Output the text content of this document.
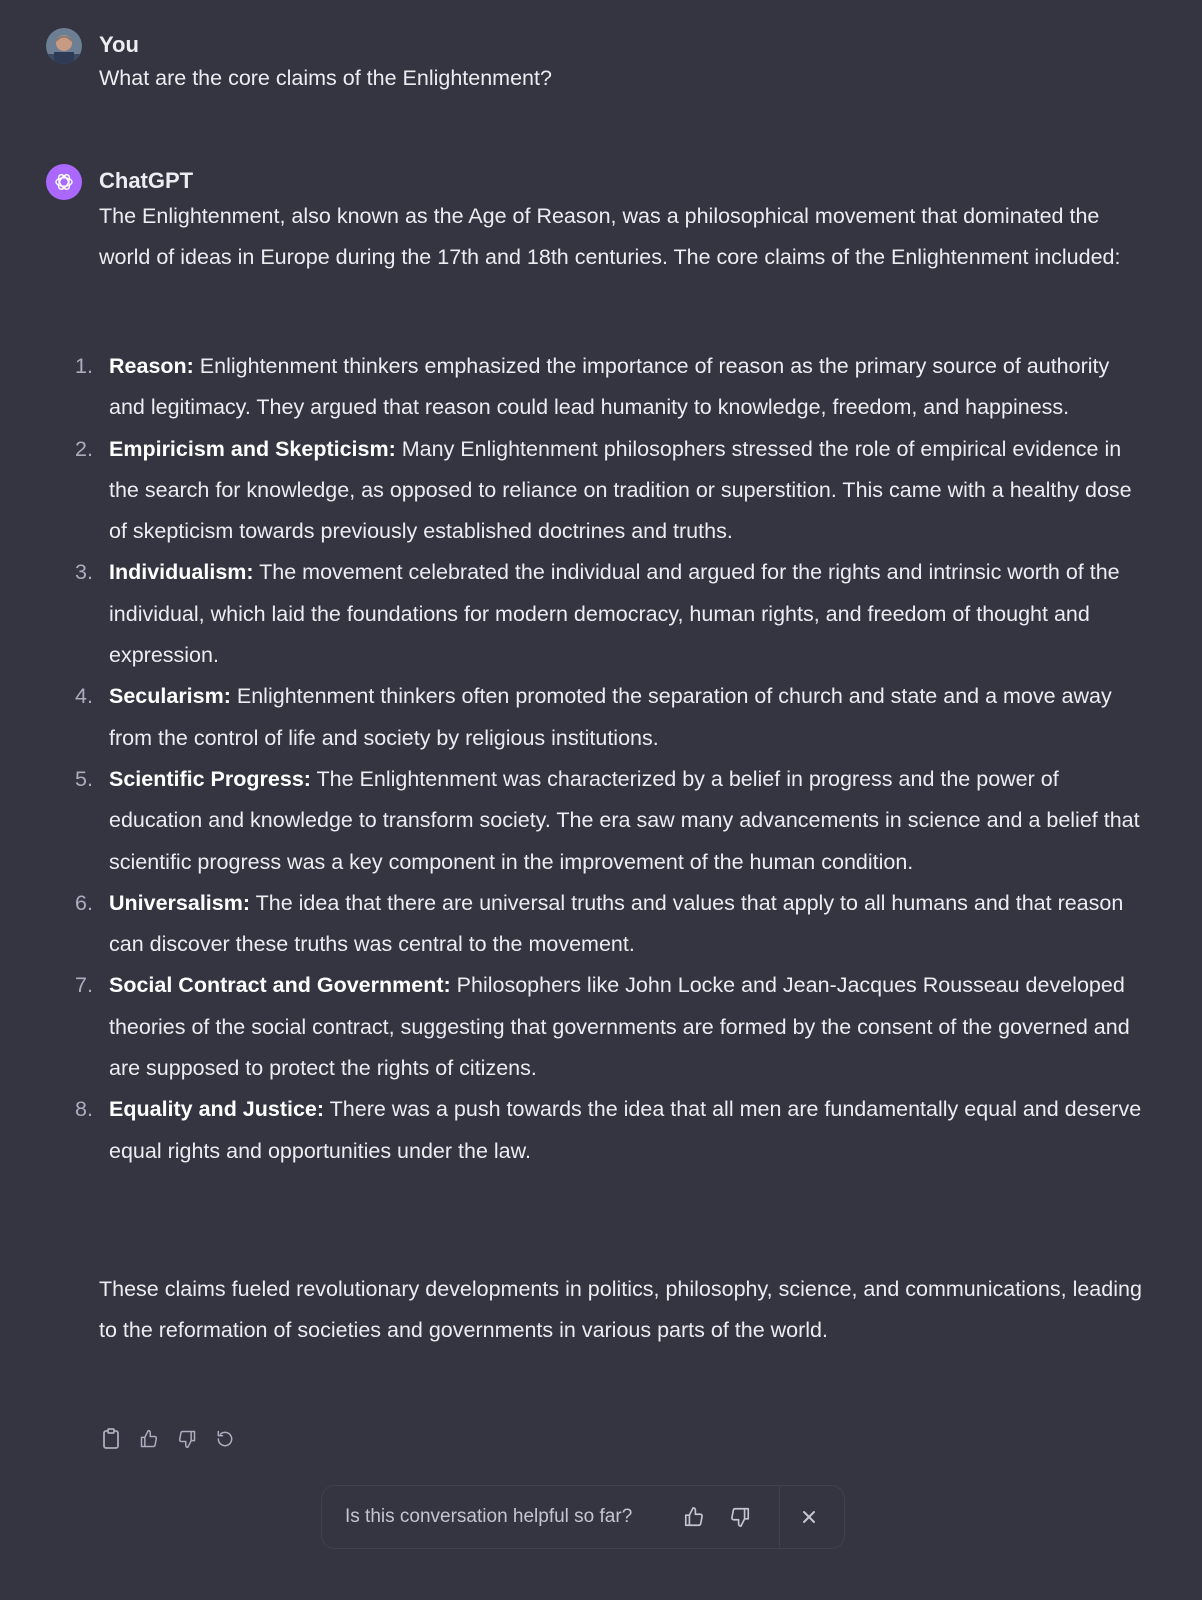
You
What are the core claims of the Enlightenment?
ChatGPT
The Enlightenment, also known as the Age of Reason, was a philosophical movement that dominated the world of ideas in Europe during the 17th and 18th centuries. The core claims of the Enlightenment included:
1. Reason: Enlightenment thinkers emphasized the importance of reason as the primary source of authority and legitimacy. They argued that reason could lead humanity to knowledge, freedom, and happiness.
2. Empiricism and Skepticism: Many Enlightenment philosophers stressed the role of empirical evidence in the search for knowledge, as opposed to reliance on tradition or superstition. This came with a healthy dose of skepticism towards previously established doctrines and truths.
3. Individualism: The movement celebrated the individual and argued for the rights and intrinsic worth of the individual, which laid the foundations for modern democracy, human rights, and freedom of thought and expression.
4. Secularism: Enlightenment thinkers often promoted the separation of church and state and a move away from the control of life and society by religious institutions.
5. Scientific Progress: The Enlightenment was characterized by a belief in progress and the power of education and knowledge to transform society. The era saw many advancements in science and a belief that scientific progress was a key component in the improvement of the human condition.
6. Universalism: The idea that there are universal truths and values that apply to all humans and that reason can discover these truths was central to the movement.
7. Social Contract and Government: Philosophers like John Locke and Jean-Jacques Rousseau developed theories of the social contract, suggesting that governments are formed by the consent of the governed and are supposed to protect the rights of citizens.
8. Equality and Justice: There was a push towards the idea that all men are fundamentally equal and deserve equal rights and opportunities under the law.
These claims fueled revolutionary developments in politics, philosophy, science, and communications, leading to the reformation of societies and governments in various parts of the world.
Is this conversation helpful so far?
